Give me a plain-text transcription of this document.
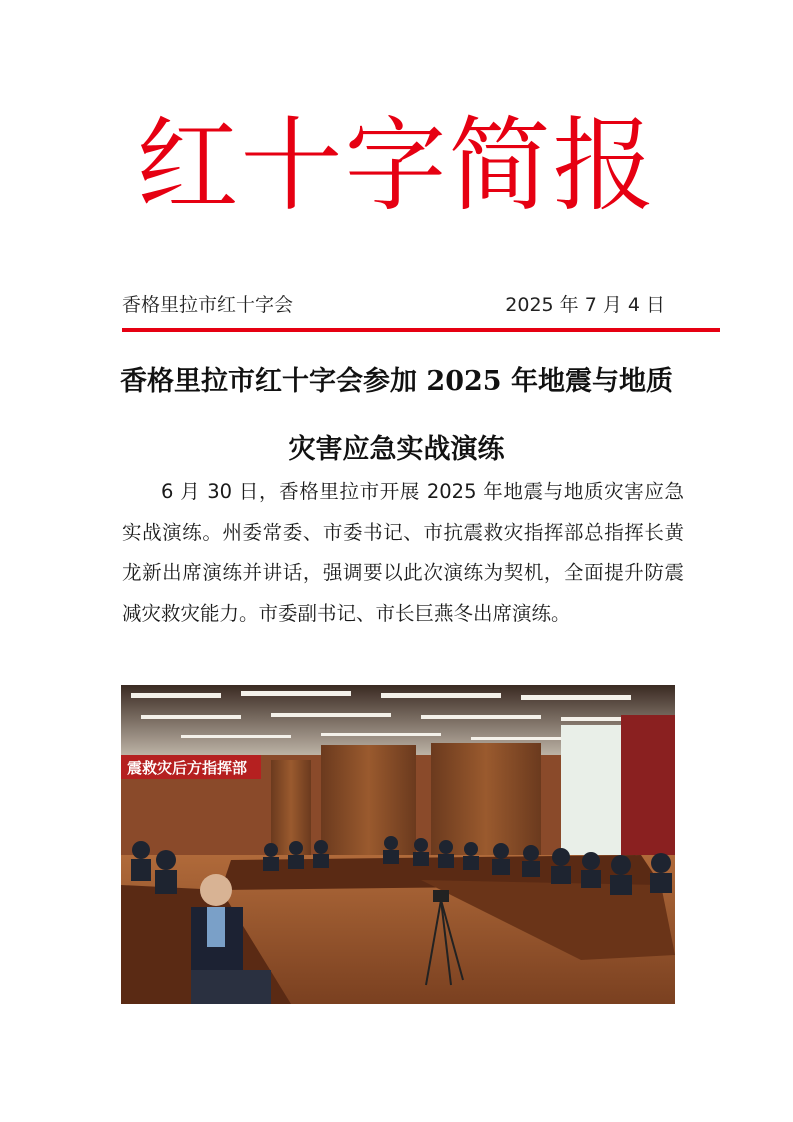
红十字简报
香格里拉市红十字会	2025 年 7 月 4 日
香格里拉市红十字会参加 2025 年地震与地质灾害应急实战演练

6 月 30 日，香格里拉市开展 2025 年地震与地质灾害应急实战演练。州委常委、市委书记、市抗震救灾指挥部总指挥长黄龙新出席演练并讲话，强调要以此次演练为契机，全面提升防震减灾救灾能力。市委副书记、市长巨燕冬出席演练。

震救灾后方指挥部
